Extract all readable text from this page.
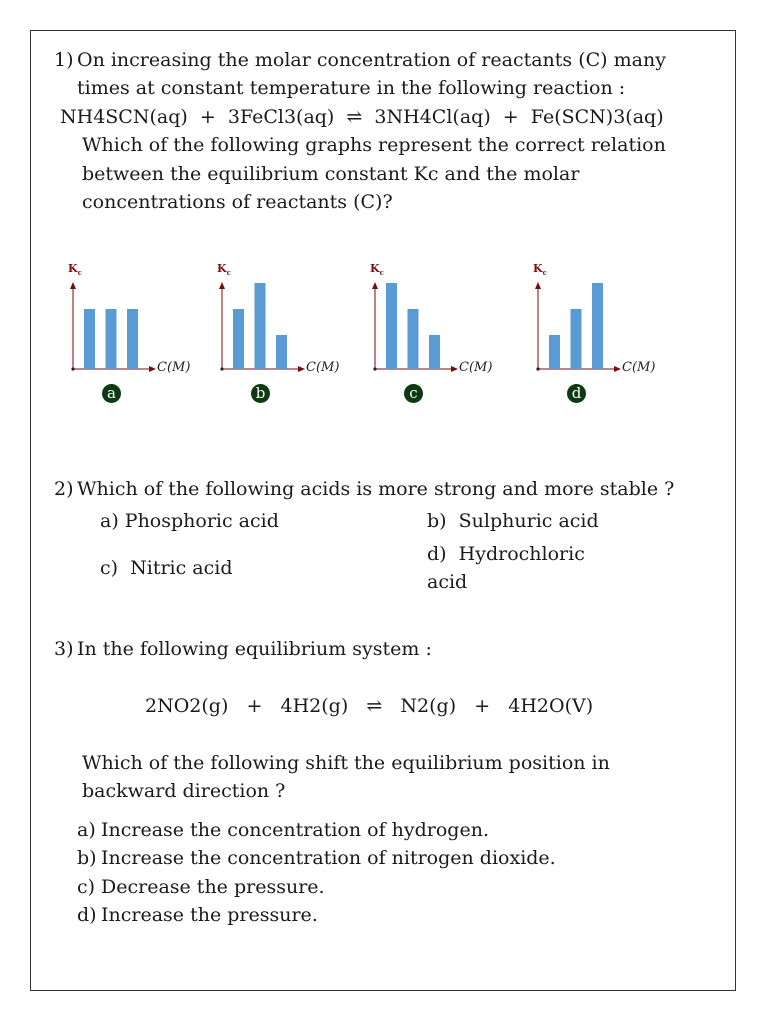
1) On increasing the molar concentration of reactants (C) many
times at constant temperature in the following reaction :
NH4SCN(aq)  +  3FeCl3(aq)  ⇌  3NH4Cl(aq)  +  Fe(SCN)3(aq)
Which of the following graphs represent the correct relation
between the equilibrium constant Kc and the molar
concentrations of reactants (C)?
$K_c$
C(M)
a
$K_c$
C(M)
b
$K_c$
C(M)
c
$K_c$
C(M)
d
2) Which of the following acids is more strong and more stable ?
a) Phosphoric acid	b)  Sulphuric acid
c)  Nitric acid
d)  Hydrochloric
acid
3) In the following equilibrium system :
2NO2(g)   +   4H2(g)   ⇌   N2(g)   +   4H2O(V)
Which of the following shift the equilibrium position in
backward direction ?
a) Increase the concentration of hydrogen.
b) Increase the concentration of nitrogen dioxide.
c) Decrease the pressure.
d) Increase the pressure.
